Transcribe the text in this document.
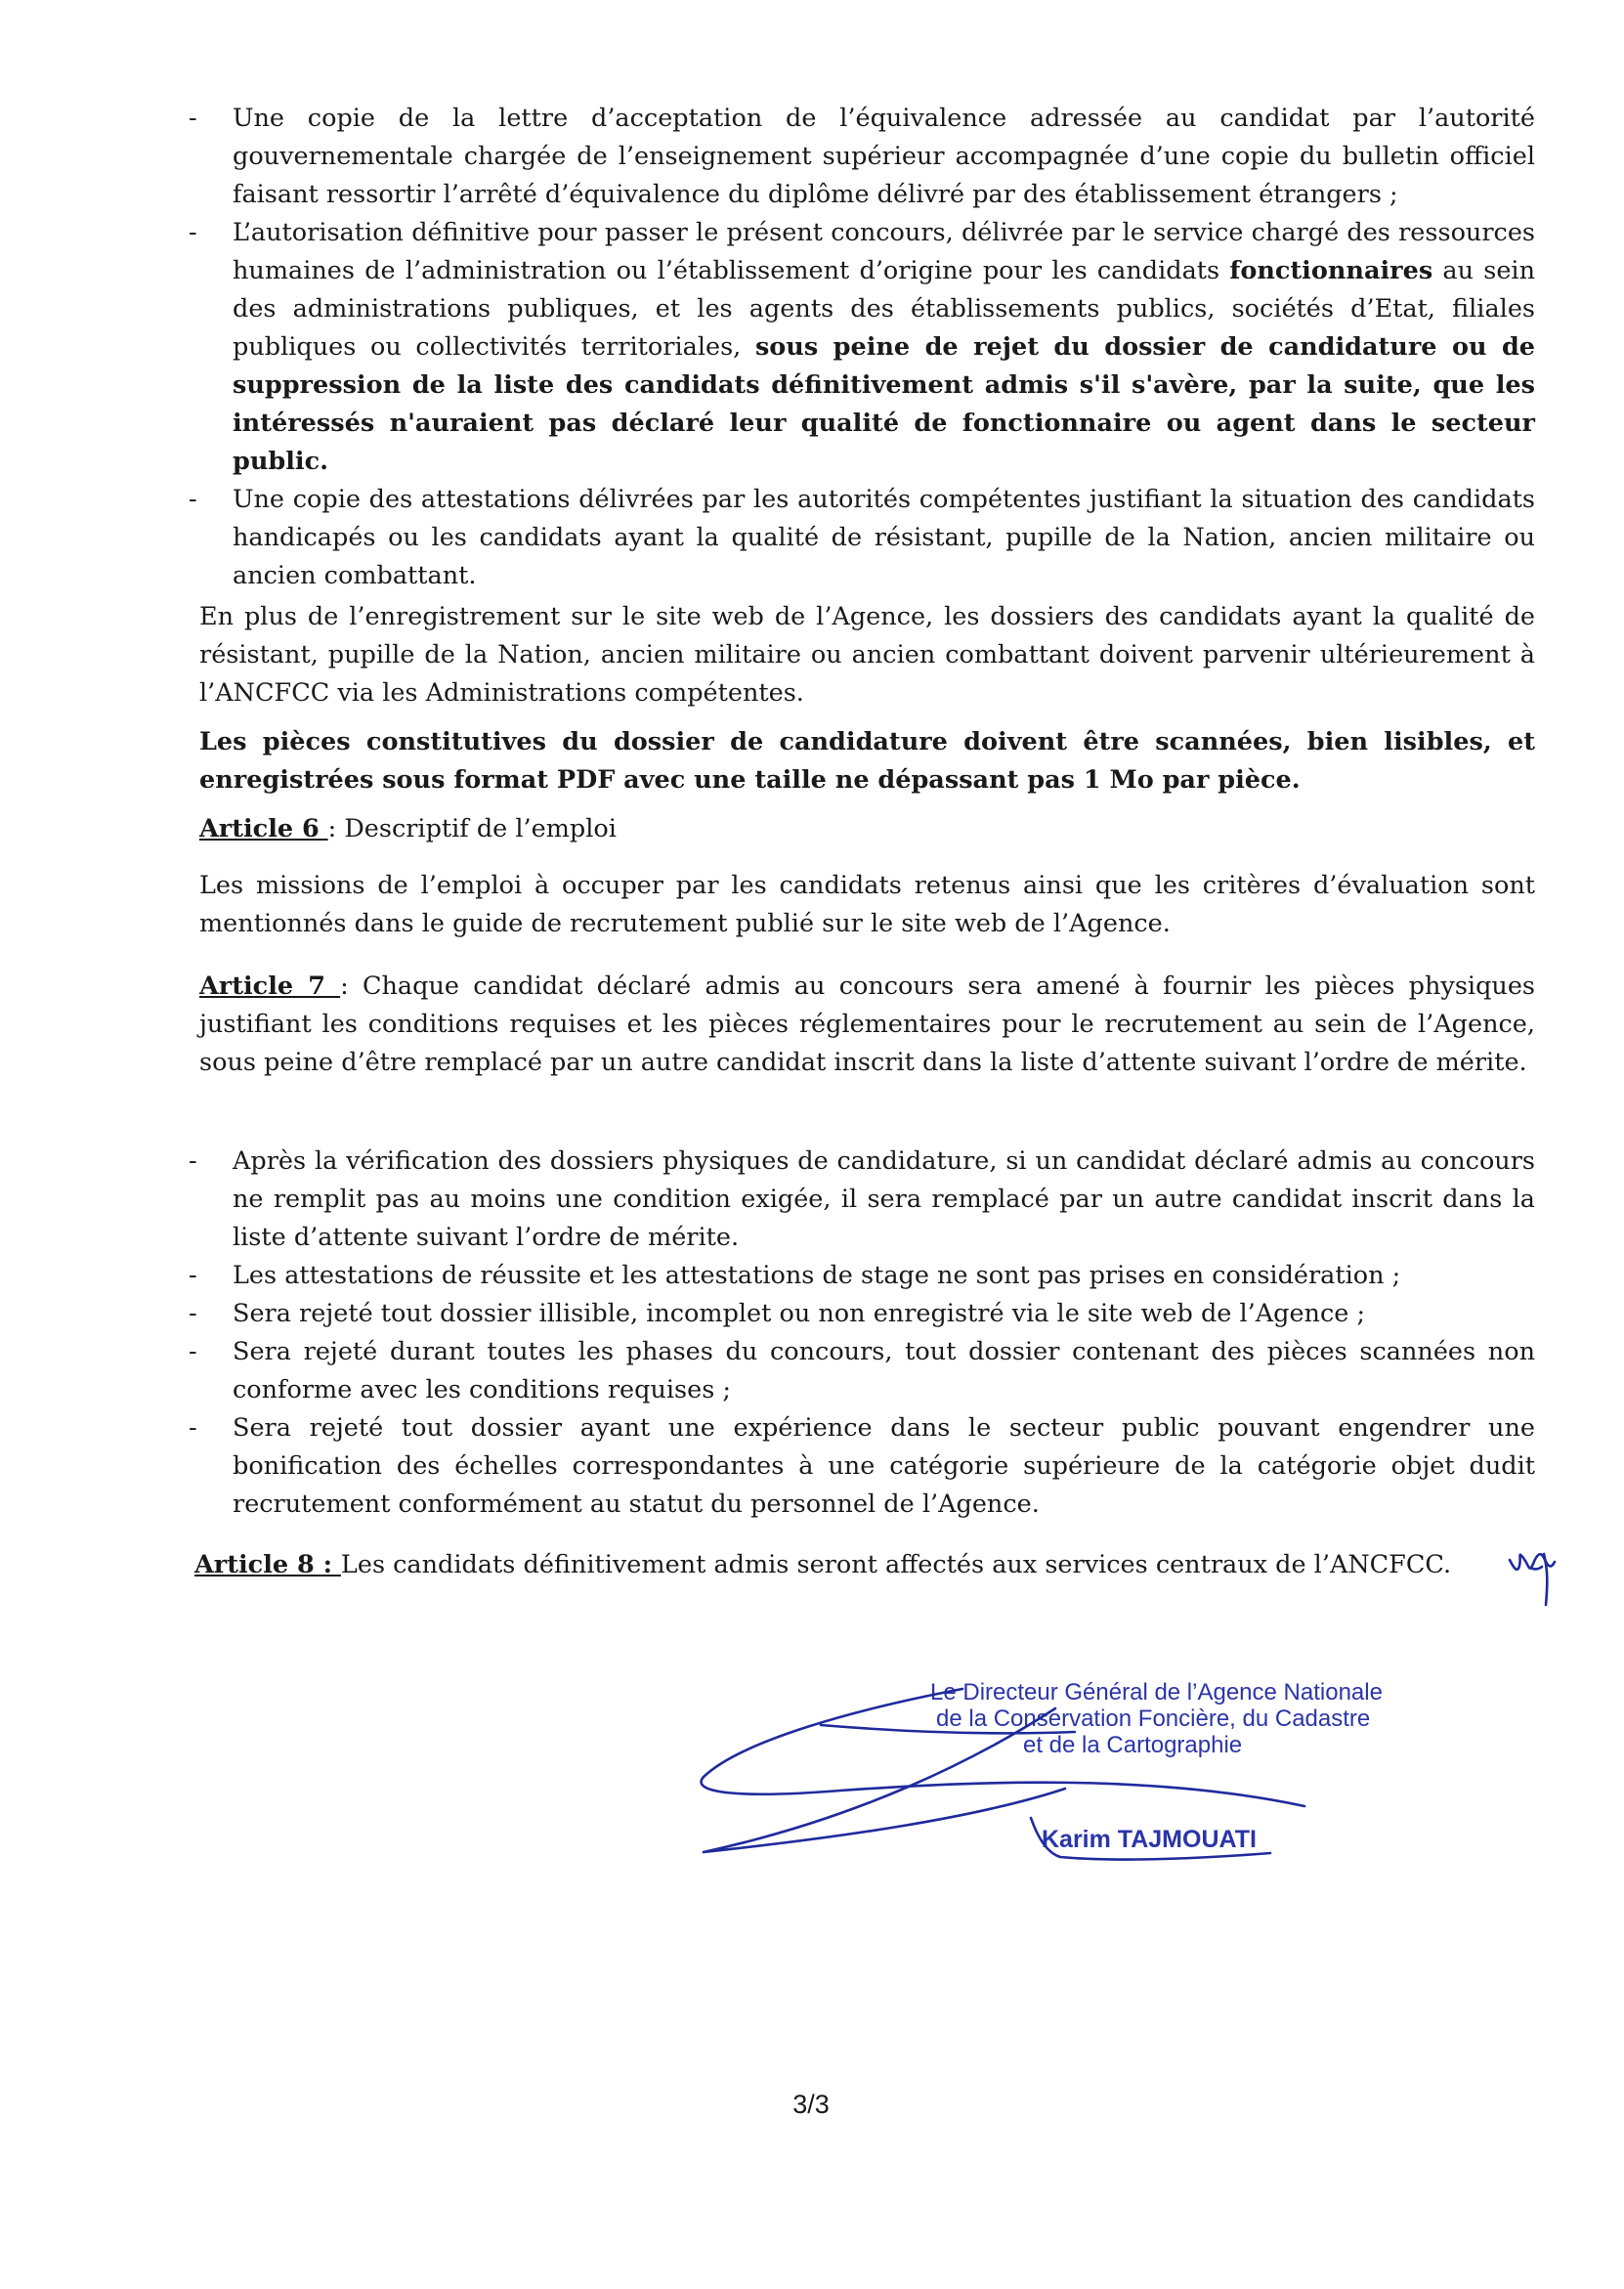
-	Une copie de la lettre d’acceptation de l’équivalence adressée au candidat par l’autorité gouvernementale chargée de l’enseignement supérieur accompagnée d’une copie du bulletin officiel faisant ressortir l’arrêté d’équivalence du diplôme délivré par des établissement étrangers ;
-	L’autorisation définitive pour passer le présent concours, délivrée par le service chargé des ressources humaines de l’administration ou l’établissement d’origine pour les candidats fonctionnaires au sein des administrations publiques, et les agents des établissements publics, sociétés d’Etat, filiales publiques ou collectivités territoriales, sous peine de rejet du dossier de candidature ou de suppression de la liste des candidats définitivement admis s'il s'avère, par la suite, que les intéressés n'auraient pas déclaré leur qualité de fonctionnaire ou agent dans le secteur public.
-	Une copie des attestations délivrées par les autorités compétentes justifiant la situation des candidats handicapés ou les candidats ayant la qualité de résistant, pupille de la Nation, ancien militaire ou ancien combattant.

En plus de l’enregistrement sur le site web de l’Agence, les dossiers des candidats ayant la qualité de résistant, pupille de la Nation, ancien militaire ou ancien combattant doivent parvenir ultérieurement à l’ANCFCC via les Administrations compétentes.

Les pièces constitutives du dossier de candidature doivent être scannées, bien lisibles, et enregistrées sous format PDF avec une taille ne dépassant pas 1 Mo par pièce.

Article 6 : Descriptif de l’emploi

Les missions de l’emploi à occuper par les candidats retenus ainsi que les critères d’évaluation sont mentionnés dans le guide de recrutement publié sur le site web de l’Agence.

Article 7 : Chaque candidat déclaré admis au concours sera amené à fournir les pièces physiques justifiant les conditions requises et les pièces réglementaires pour le recrutement au sein de l’Agence, sous peine d’être remplacé par un autre candidat inscrit dans la liste d’attente suivant l’ordre de mérite.

-	Après la vérification des dossiers physiques de candidature, si un candidat déclaré admis au concours ne remplit pas au moins une condition exigée, il sera remplacé par un autre candidat inscrit dans la liste d’attente suivant l’ordre de mérite.
-	Les attestations de réussite et les attestations de stage ne sont pas prises en considération ;
-	Sera rejeté tout dossier illisible, incomplet ou non enregistré via le site web de l’Agence ;
-	Sera rejeté durant toutes les phases du concours, tout dossier contenant des pièces scannées non conforme avec les conditions requises ;
-	Sera rejeté tout dossier ayant une expérience dans le secteur public pouvant engendrer une bonification des échelles correspondantes à une catégorie supérieure de la catégorie objet dudit recrutement conformément au statut du personnel de l’Agence.
Article 8 : Les candidats définitivement admis seront affectés aux services centraux de l’ANCFCC.
Le Directeur Général de l’Agence Nationale
de la Conservation Foncière, du Cadastre
et de la Cartographie
Karim TAJMOUATI
3/3
